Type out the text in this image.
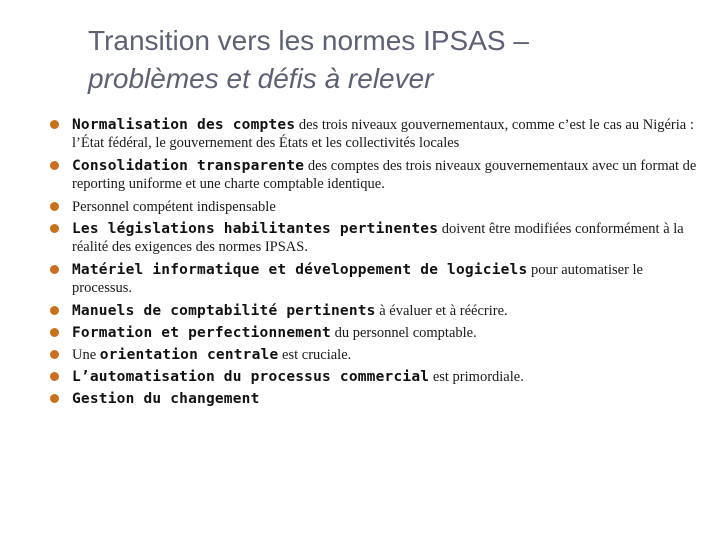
Transition vers les normes IPSAS –
problèmes et défis à relever
Normalisation des comptes des trois niveaux gouvernementaux, comme c’est le cas au Nigéria : l’État fédéral, le gouvernement des États et les collectivités locales
Consolidation transparente des comptes des trois niveaux gouvernementaux avec un format de reporting uniforme et une charte comptable identique.
Personnel compétent indispensable
Les législations habilitantes pertinentes doivent être modifiées conformément à la réalité des exigences des normes IPSAS.
Matériel informatique et développement de logiciels pour automatiser le processus.
Manuels de comptabilité pertinents à évaluer et à réécrire.
Formation et perfectionnement du personnel comptable.
Une orientation centrale est cruciale.
L’automatisation du processus commercial est primordiale.
Gestion du changement
